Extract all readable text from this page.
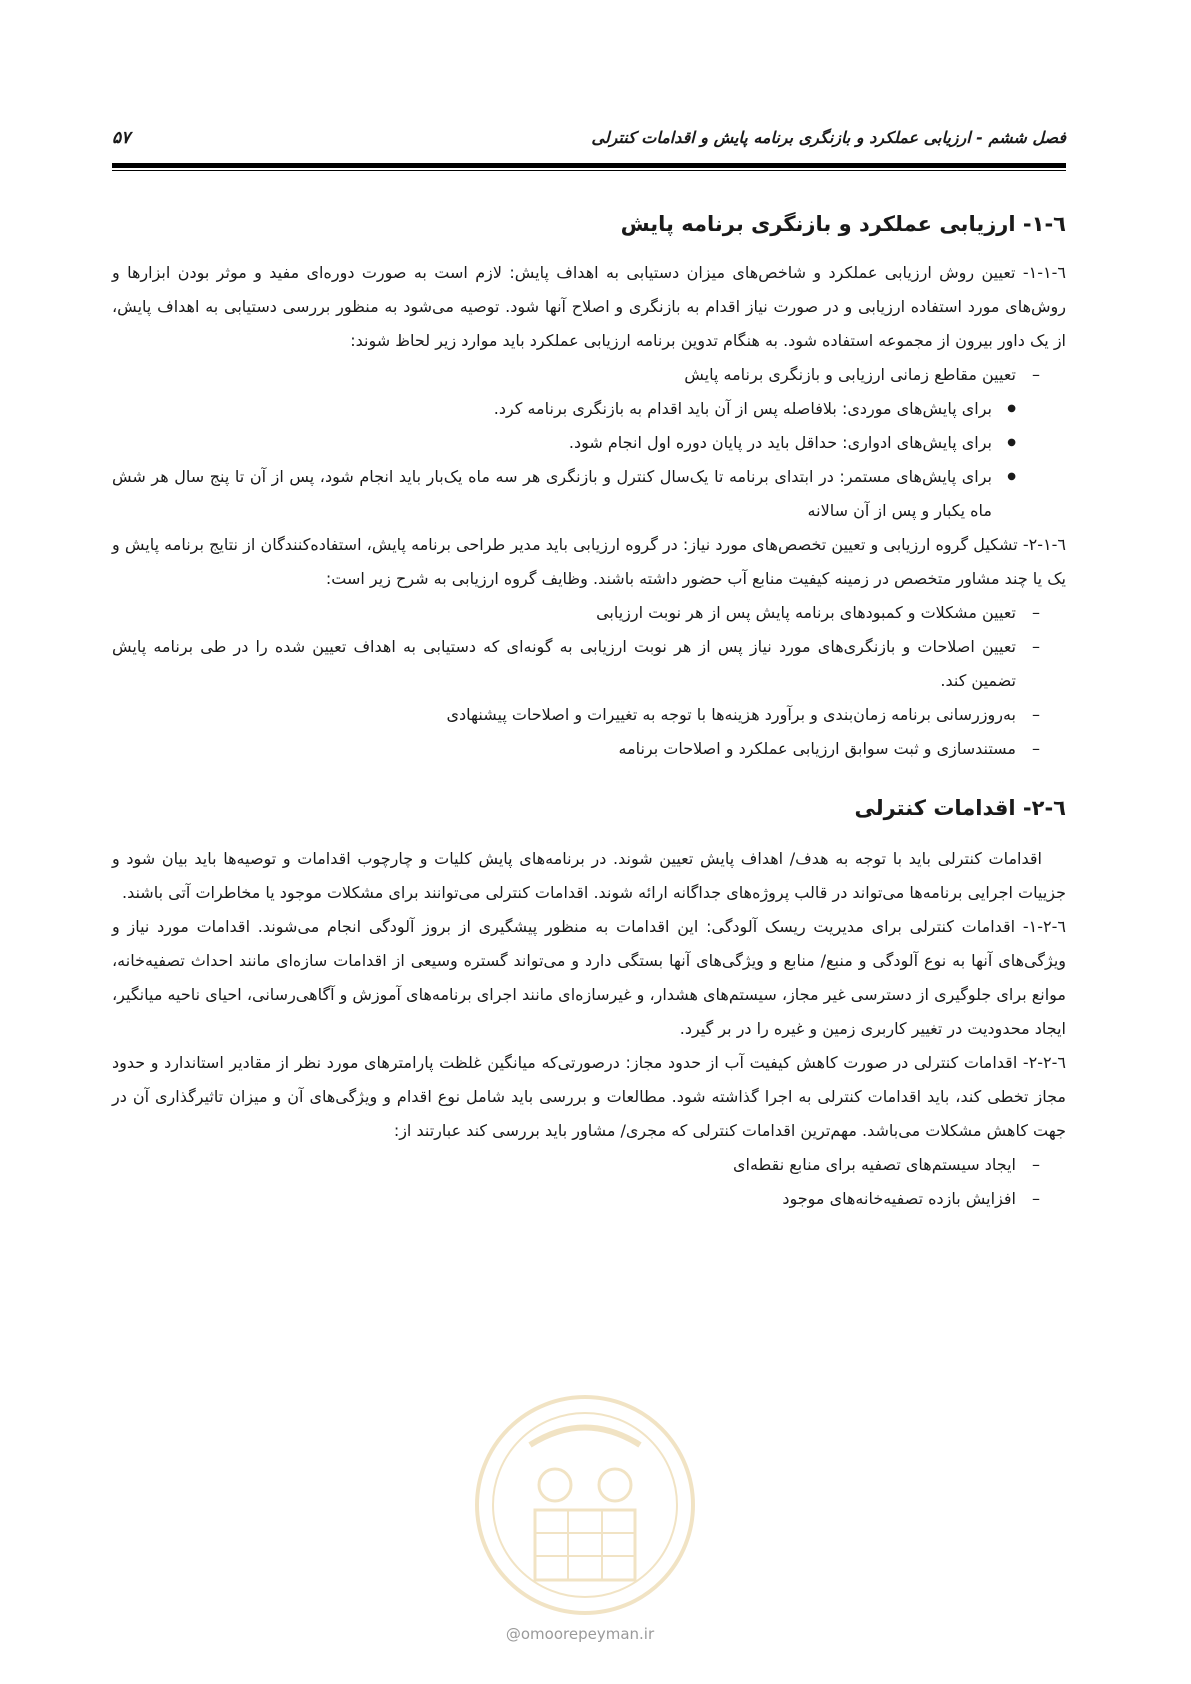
فصل ششم - ارزیابی عملکرد و بازنگری برنامه پایش و اقدامات کنترلی
۵۷
٦-١- ارزیابی عملکرد و بازنگری برنامه پایش

٦-١-١- تعیین روش ارزیابی عملکرد و شاخص‌های میزان دستیابی به اهداف پایش: لازم است به صورت دوره‌ای مفید و موثر بودن ابزارها و روش‌های مورد استفاده ارزیابی و در صورت نیاز اقدام به بازنگری و اصلاح آنها شود. توصیه می‌شود به منظور بررسی دستیابی به اهداف پایش، از یک داور بیرون از مجموعه استفاده شود. به هنگام تدوین برنامه ارزیابی عملکرد باید موارد زیر لحاظ شوند:

– تعیین مقاطع زمانی ارزیابی و بازنگری برنامه پایش
● برای پایش‌های موردی: بلافاصله پس از آن باید اقدام به بازنگری برنامه کرد.
● برای پایش‌های ادواری: حداقل باید در پایان دوره اول انجام شود.
● برای پایش‌های مستمر: در ابتدای برنامه تا یک‌سال کنترل و بازنگری هر سه ماه یک‌بار باید انجام شود، پس از آن تا پنج سال هر شش ماه یکبار و پس از آن سالانه

٦-١-٢- تشکیل گروه ارزیابی و تعیین تخصص‌های مورد نیاز: در گروه ارزیابی باید مدیر طراحی برنامه پایش، استفاده‌کنندگان از نتایج برنامه پایش و یک یا چند مشاور متخصص در زمینه کیفیت منابع آب حضور داشته باشند. وظایف گروه ارزیابی به شرح زیر است:

– تعیین مشکلات و کمبودهای برنامه پایش پس از هر نوبت ارزیابی
– تعیین اصلاحات و بازنگری‌های مورد نیاز پس از هر نوبت ارزیابی به گونه‌ای که دستیابی به اهداف تعیین شده را در طی برنامه پایش تضمین کند.
– به‌روزرسانی برنامه زمان‌بندی و برآورد هزینه‌ها با توجه به تغییرات و اصلاحات پیشنهادی
– مستندسازی و ثبت سوابق ارزیابی عملکرد و اصلاحات برنامه
٦-٢- اقدامات کنترلی

اقدامات کنترلی باید با توجه به هدف/ اهداف پایش تعیین شوند. در برنامه‌های پایش کلیات و چارچوب اقدامات و توصیه‌ها باید بیان شود و جزییات اجرایی برنامه‌ها می‌تواند در قالب پروژه‌های جداگانه ارائه شوند. اقدامات کنترلی می‌توانند برای مشکلات موجود یا مخاطرات آتی باشند.

٦-٢-١- اقدامات کنترلی برای مدیریت ریسک آلودگی: این اقدامات به منظور پیشگیری از بروز آلودگی انجام می‌شوند. اقدامات مورد نیاز و ویژگی‌های آنها به نوع آلودگی و منبع/ منابع و ویژگی‌های آنها بستگی دارد و می‌تواند گستره وسیعی از اقدامات سازه‌ای مانند احداث تصفیه‌خانه، موانع برای جلوگیری از دسترسی غیر مجاز، سیستم‌های هشدار، و غیرسازه‌ای مانند اجرای برنامه‌های آموزش و آگاهی‌رسانی، احیای ناحیه میانگیر، ایجاد محدودیت در تغییر کاربری زمین و غیره را در بر گیرد.

٦-٢-٢- اقدامات کنترلی در صورت کاهش کیفیت آب از حدود مجاز: درصورتی‌که میانگین غلظت پارامترهای مورد نظر از مقادیر استاندارد و حدود مجاز تخطی کند، باید اقدامات کنترلی به اجرا گذاشته شود. مطالعات و بررسی باید شامل نوع اقدام و ویژگی‌های آن و میزان تاثیرگذاری آن در جهت کاهش مشکلات می‌باشد. مهم‌ترین اقدامات کنترلی که مجری/ مشاور باید بررسی کند عبارتند از:

– ایجاد سیستم‌های تصفیه برای منابع نقطه‌ای
– افزایش بازده تصفیه‌خانه‌های موجود
@omoorepeyman.ir
